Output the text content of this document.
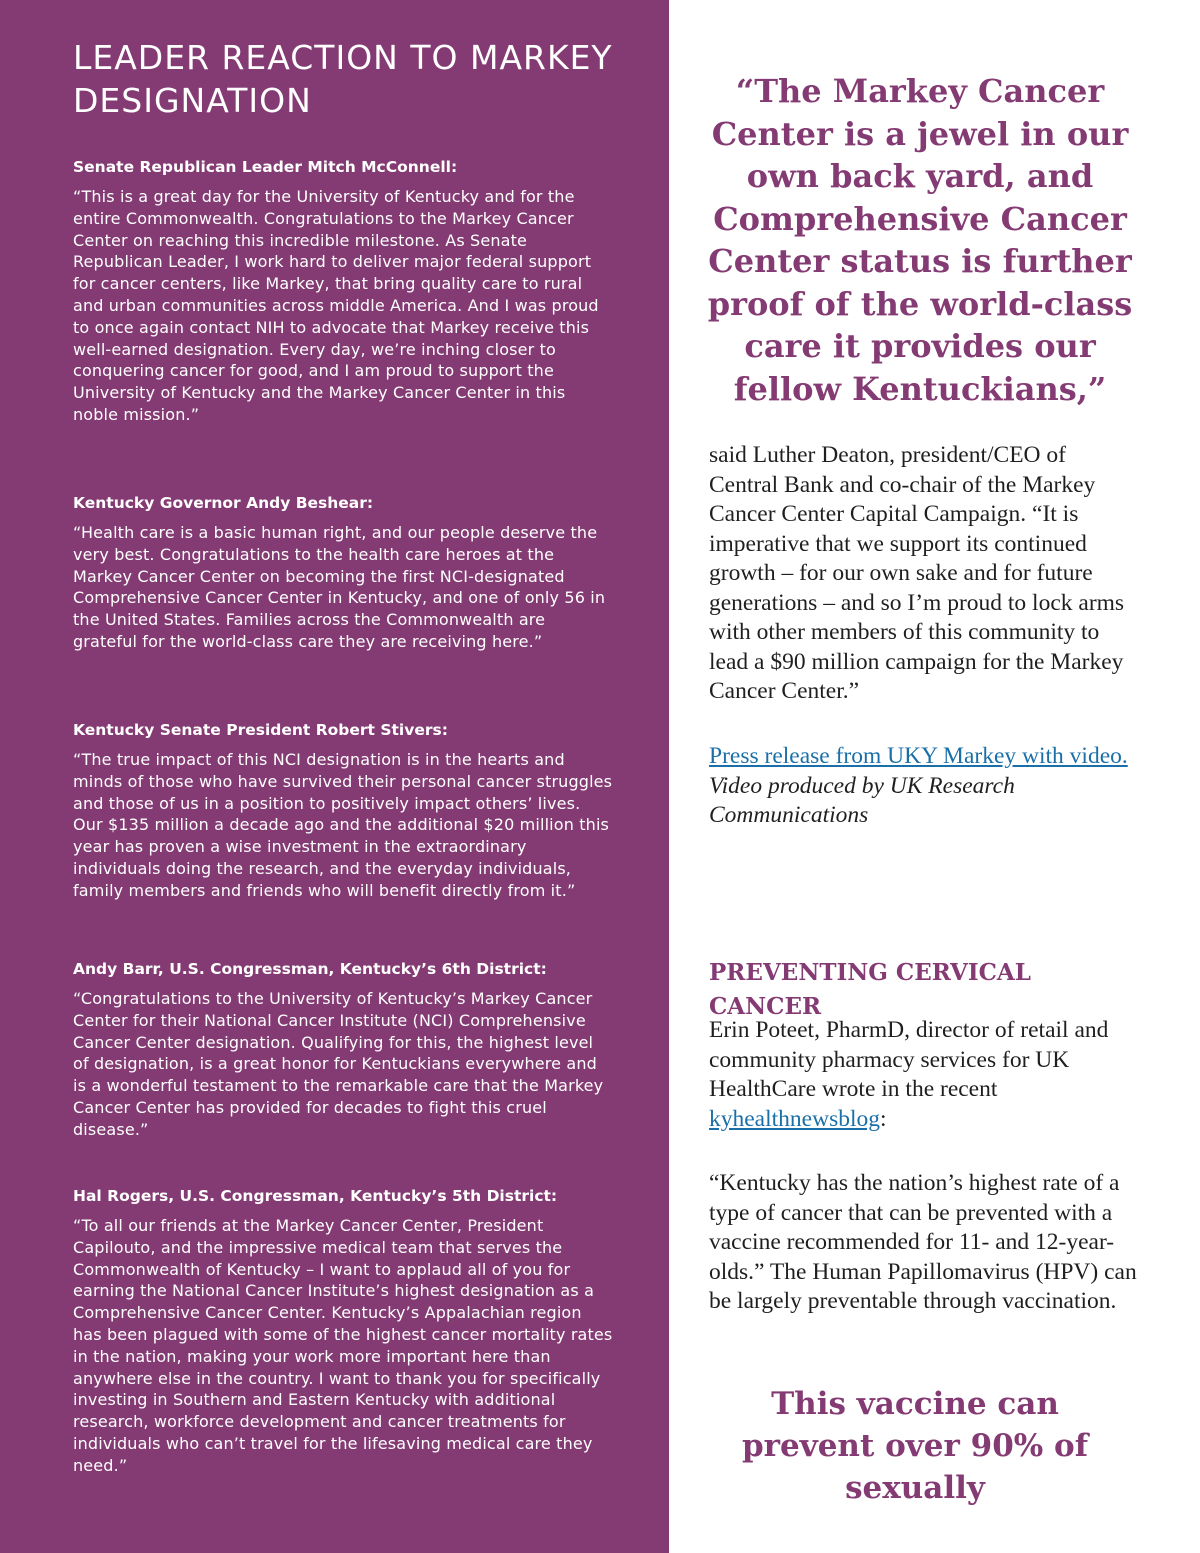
LEADER REACTION TO MARKEY DESIGNATION

Senate Republican Leader Mitch McConnell:

“This is a great day for the University of Kentucky and for the entire Commonwealth. Congratulations to the Markey Cancer Center on reaching this incredible milestone. As Senate Republican Leader, I work hard to deliver major federal support for cancer centers, like Markey, that bring quality care to rural and urban communities across middle America. And I was proud to once again contact NIH to advocate that Markey receive this well-earned designation. Every day, we’re inching closer to conquering cancer for good, and I am proud to support the University of Kentucky and the Markey Cancer Center in this noble mission.”

Kentucky Governor Andy Beshear:

“Health care is a basic human right, and our people deserve the very best. Congratulations to the health care heroes at the Markey Cancer Center on becoming the first NCI-designated Comprehensive Cancer Center in Kentucky, and one of only 56 in the United States. Families across the Commonwealth are grateful for the world-class care they are receiving here.”

Kentucky Senate President Robert Stivers:

“The true impact of this NCI designation is in the hearts and minds of those who have survived their personal cancer struggles and those of us in a position to positively impact others’ lives. Our $135 million a decade ago and the additional $20 million this year has proven a wise investment in the extraordinary individuals doing the research, and the everyday individuals, family members and friends who will benefit directly from it.”

Andy Barr, U.S. Congressman, Kentucky’s 6th District:

“Congratulations to the University of Kentucky’s Markey Cancer Center for their National Cancer Institute (NCI) Comprehensive Cancer Center designation. Qualifying for this, the highest level of designation, is a great honor for Kentuckians everywhere and is a wonderful testament to the remarkable care that the Markey Cancer Center has provided for decades to fight this cruel disease.”

Hal Rogers, U.S. Congressman, Kentucky’s 5th District:

“To all our friends at the Markey Cancer Center, President Capilouto, and the impressive medical team that serves the Commonwealth of Kentucky – I want to applaud all of you for earning the National Cancer Institute’s highest designation as a Comprehensive Cancer Center. Kentucky’s Appalachian region has been plagued with some of the highest cancer mortality rates in the nation, making your work more important here than anywhere else in the country. I want to thank you for specifically investing in Southern and Eastern Kentucky with additional research, workforce development and cancer treatments for individuals who can’t travel for the lifesaving medical care they need.”

“The Markey Cancer Center is a jewel in our own back yard, and Comprehensive Cancer Center status is further proof of the world-class care it provides our fellow Kentuckians,”

said Luther Deaton, president/CEO of Central Bank and co-chair of the Markey Cancer Center Capital Campaign. “It is imperative that we support its continued growth – for our own sake and for future generations – and so I’m proud to lock arms with other members of this community to lead a $90 million campaign for the Markey Cancer Center.”

Press release from UKY Markey with video. Video produced by UK Research Communications

PREVENTING CERVICAL CANCER

Erin Poteet, PharmD, director of retail and community pharmacy services for UK HealthCare wrote in the recent kyhealthnewsblog:

“Kentucky has the nation’s highest rate of a type of cancer that can be prevented with a vaccine recommended for 11- and 12-year-olds.” The Human Papillomavirus (HPV) can be largely preventable through vaccination.

This vaccine can prevent over 90% of sexually
